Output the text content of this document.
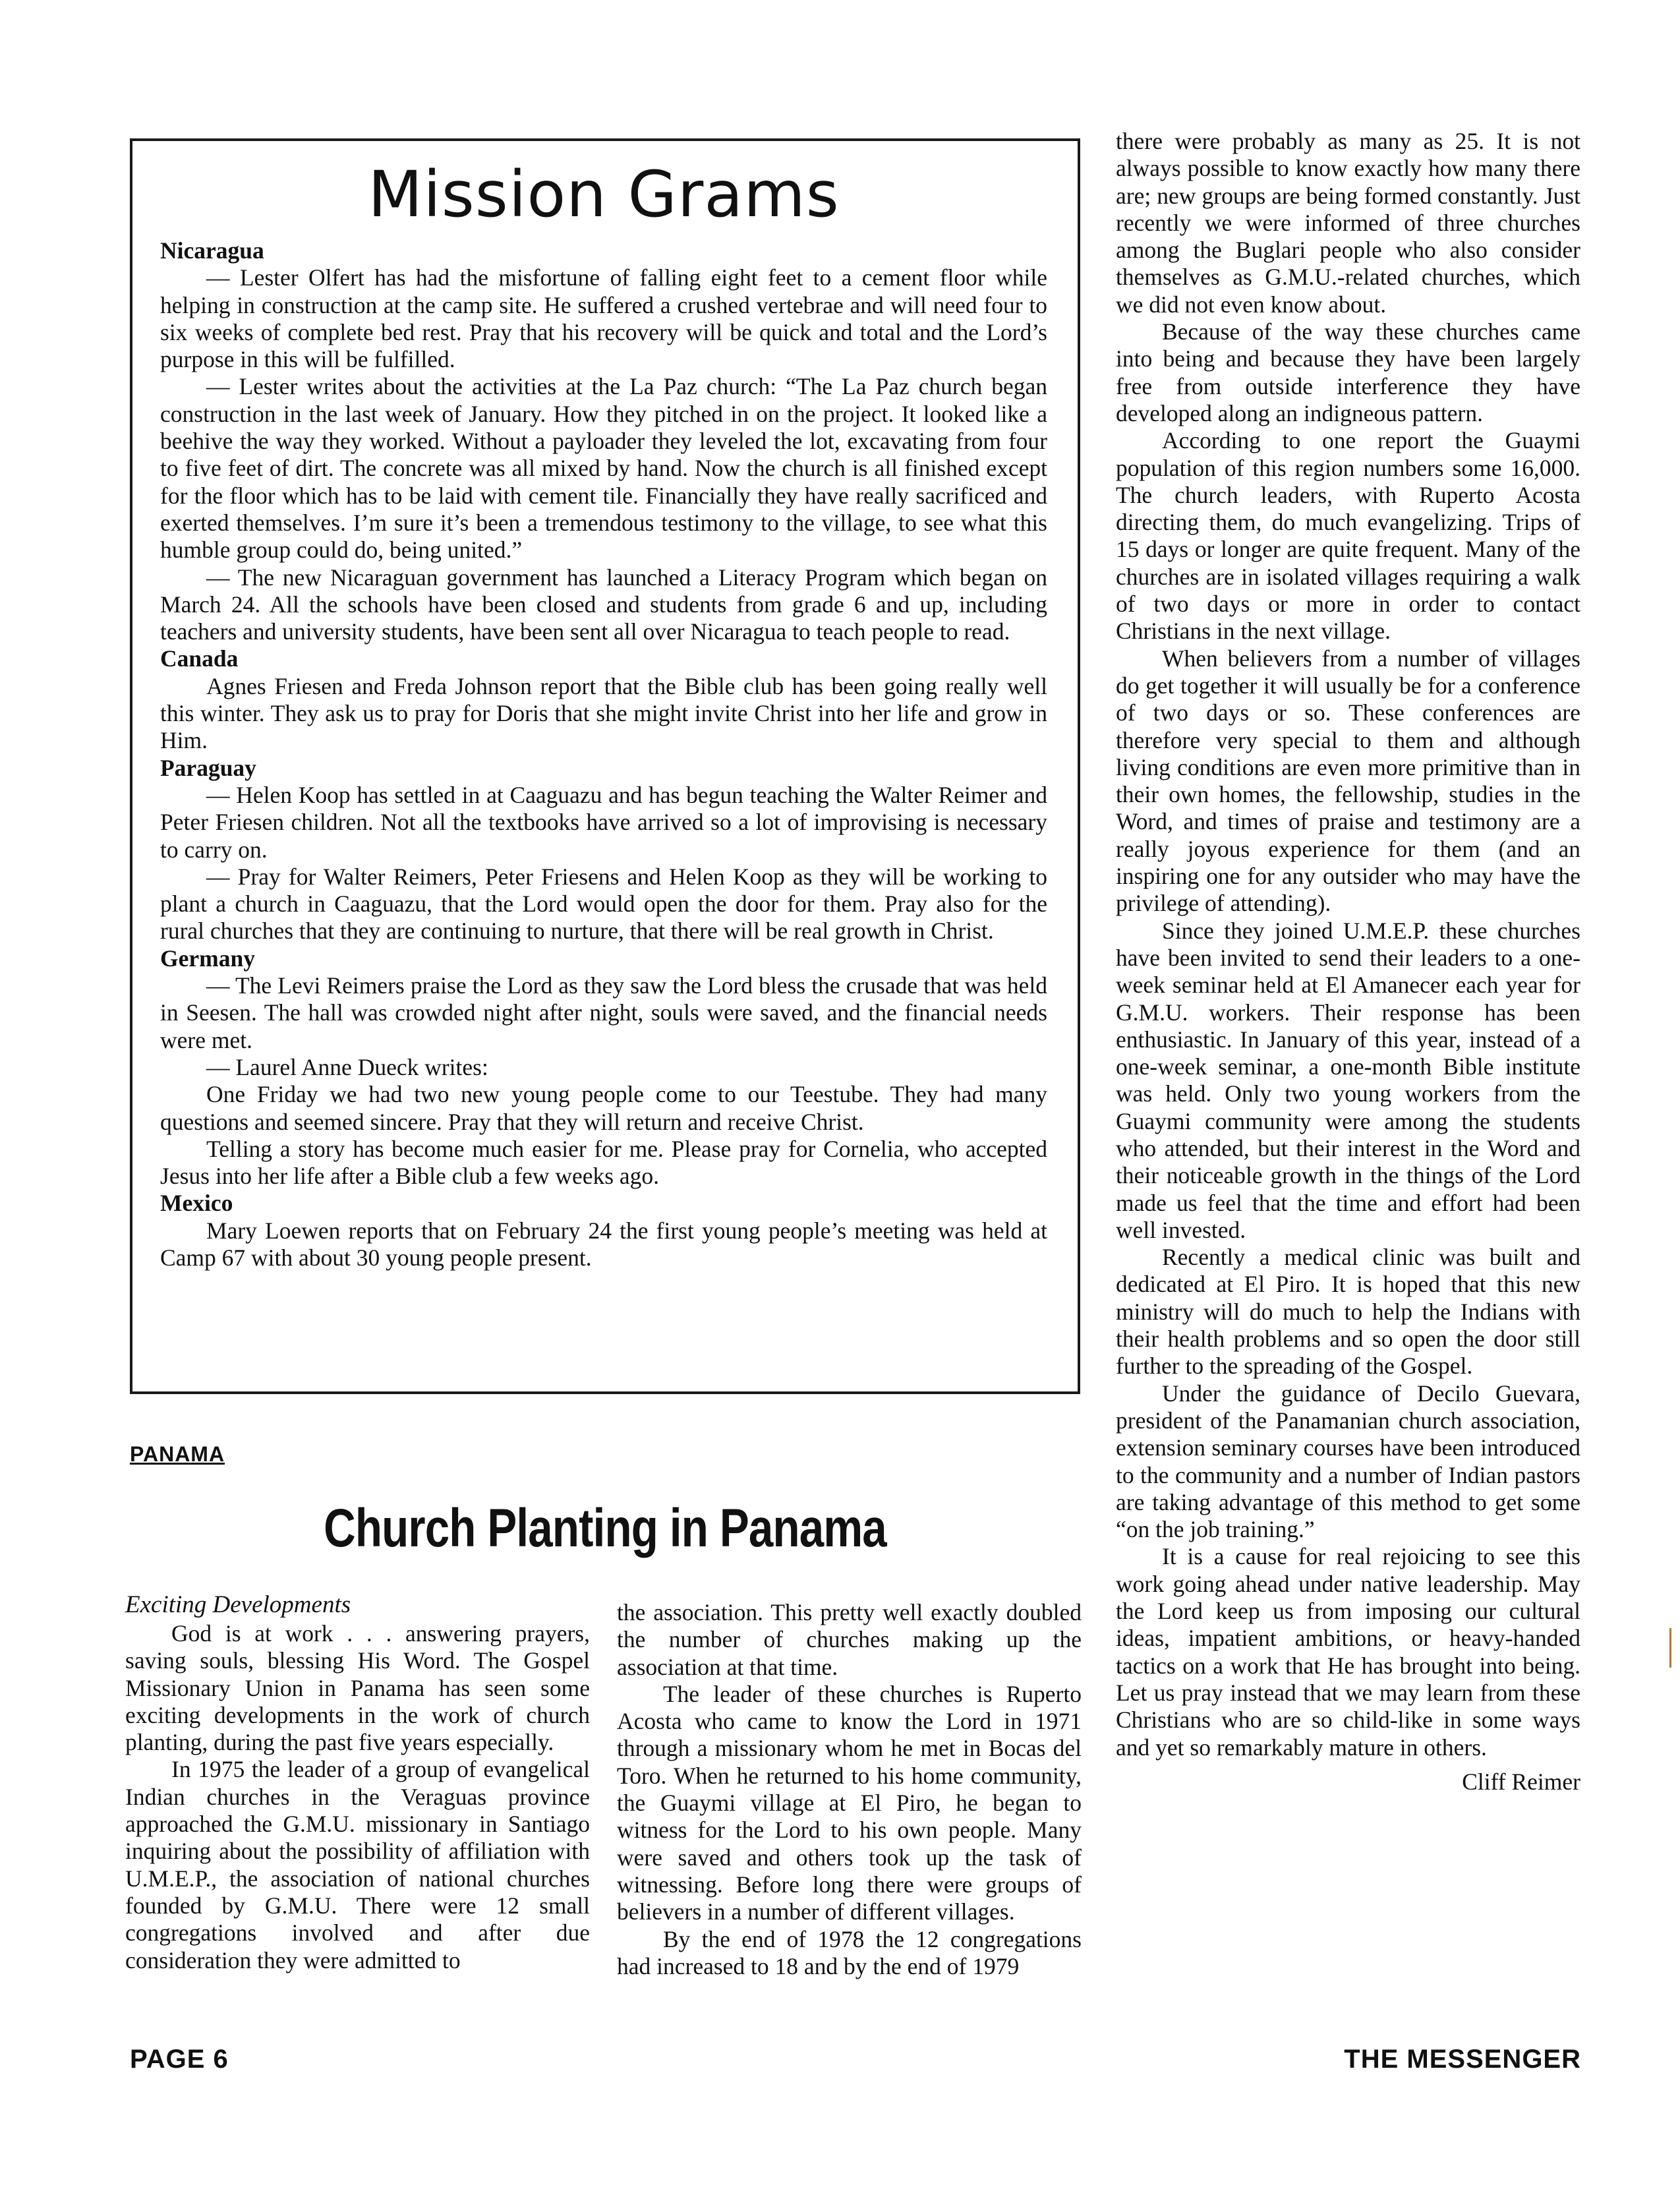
Mission Grams

Nicaragua

— Lester Olfert has had the misfortune of falling eight feet to a cement floor while helping in construction at the camp site. He suffered a crushed vertebrae and will need four to six weeks of complete bed rest. Pray that his recovery will be quick and total and the Lord’s purpose in this will be fulfilled.

— Lester writes about the activities at the La Paz church: “The La Paz church began construction in the last week of January. How they pitched in on the project. It looked like a beehive the way they worked. Without a payloader they leveled the lot, excavating from four to five feet of dirt. The concrete was all mixed by hand. Now the church is all finished except for the floor which has to be laid with cement tile. Financially they have really sacrificed and exerted themselves. I’m sure it’s been a tremendous testimony to the village, to see what this humble group could do, being united.”

— The new Nicaraguan government has launched a Literacy Program which began on March 24. All the schools have been closed and students from grade 6 and up, including teachers and university students, have been sent all over Nicaragua to teach people to read.

Canada

Agnes Friesen and Freda Johnson report that the Bible club has been going really well this winter. They ask us to pray for Doris that she might invite Christ into her life and grow in Him.

Paraguay

— Helen Koop has settled in at Caaguazu and has begun teaching the Walter Reimer and Peter Friesen children. Not all the textbooks have arrived so a lot of improvising is necessary to carry on.

— Pray for Walter Reimers, Peter Friesens and Helen Koop as they will be working to plant a church in Caaguazu, that the Lord would open the door for them. Pray also for the rural churches that they are continuing to nurture, that there will be real growth in Christ.

Germany

— The Levi Reimers praise the Lord as they saw the Lord bless the crusade that was held in Seesen. The hall was crowded night after night, souls were saved, and the financial needs were met.

— Laurel Anne Dueck writes:

One Friday we had two new young people come to our Teestube. They had many questions and seemed sincere. Pray that they will return and receive Christ.

Telling a story has become much easier for me. Please pray for Cornelia, who accepted Jesus into her life after a Bible club a few weeks ago.

Mexico

Mary Loewen reports that on February 24 the first young people’s meeting was held at Camp 67 with about 30 young people present.

PANAMA
Church Planting in Panama
Exciting Developments

God is at work . . . answering prayers, saving souls, blessing His Word. The Gospel Missionary Union in Panama has seen some exciting developments in the work of church planting, during the past five years especially.

In 1975 the leader of a group of evangelical Indian churches in the Veraguas province approached the G.M.U. missionary in Santiago inquiring about the possibility of affiliation with U.M.E.P., the association of national churches founded by G.M.U. There were 12 small congregations involved and after due consideration they were admitted to

the association. This pretty well exactly doubled the number of churches making up the association at that time.

The leader of these churches is Ruperto Acosta who came to know the Lord in 1971 through a missionary whom he met in Bocas del Toro. When he returned to his home community, the Guaymi village at El Piro, he began to witness for the Lord to his own people. Many were saved and others took up the task of witnessing. Before long there were groups of believers in a number of different villages.

By the end of 1978 the 12 congregations had increased to 18 and by the end of 1979

there were probably as many as 25. It is not always possible to know exactly how many there are; new groups are being formed constantly. Just recently we were informed of three churches among the Buglari people who also consider themselves as G.M.U.-related churches, which we did not even know about.

Because of the way these churches came into being and because they have been largely free from outside interference they have developed along an indigneous pattern.

According to one report the Guaymi population of this region numbers some 16,000. The church leaders, with Ruperto Acosta directing them, do much evangelizing. Trips of 15 days or longer are quite frequent. Many of the churches are in isolated villages requiring a walk of two days or more in order to contact Christians in the next village.

When believers from a number of villages do get together it will usually be for a conference of two days or so. These conferences are therefore very special to them and although living conditions are even more primitive than in their own homes, the fellowship, studies in the Word, and times of praise and testimony are a really joyous experience for them (and an inspiring one for any outsider who may have the privilege of attending).

Since they joined U.M.E.P. these churches have been invited to send their leaders to a one-week seminar held at El Amanecer each year for G.M.U. workers. Their response has been enthusiastic. In January of this year, instead of a one-week seminar, a one-month Bible institute was held. Only two young workers from the Guaymi community were among the students who attended, but their interest in the Word and their noticeable growth in the things of the Lord made us feel that the time and effort had been well invested.

Recently a medical clinic was built and dedicated at El Piro. It is hoped that this new ministry will do much to help the Indians with their health problems and so open the door still further to the spreading of the Gospel.

Under the guidance of Decilo Guevara, president of the Panamanian church association, extension seminary courses have been introduced to the community and a number of Indian pastors are taking advantage of this method to get some “on the job training.”

It is a cause for real rejoicing to see this work going ahead under native leadership. May the Lord keep us from imposing our cultural ideas, impatient ambitions, or heavy-handed tactics on a work that He has brought into being. Let us pray instead that we may learn from these Christians who are so child-like in some ways and yet so remarkably mature in others.

Cliff Reimer
PAGE 6	THE MESSENGER
